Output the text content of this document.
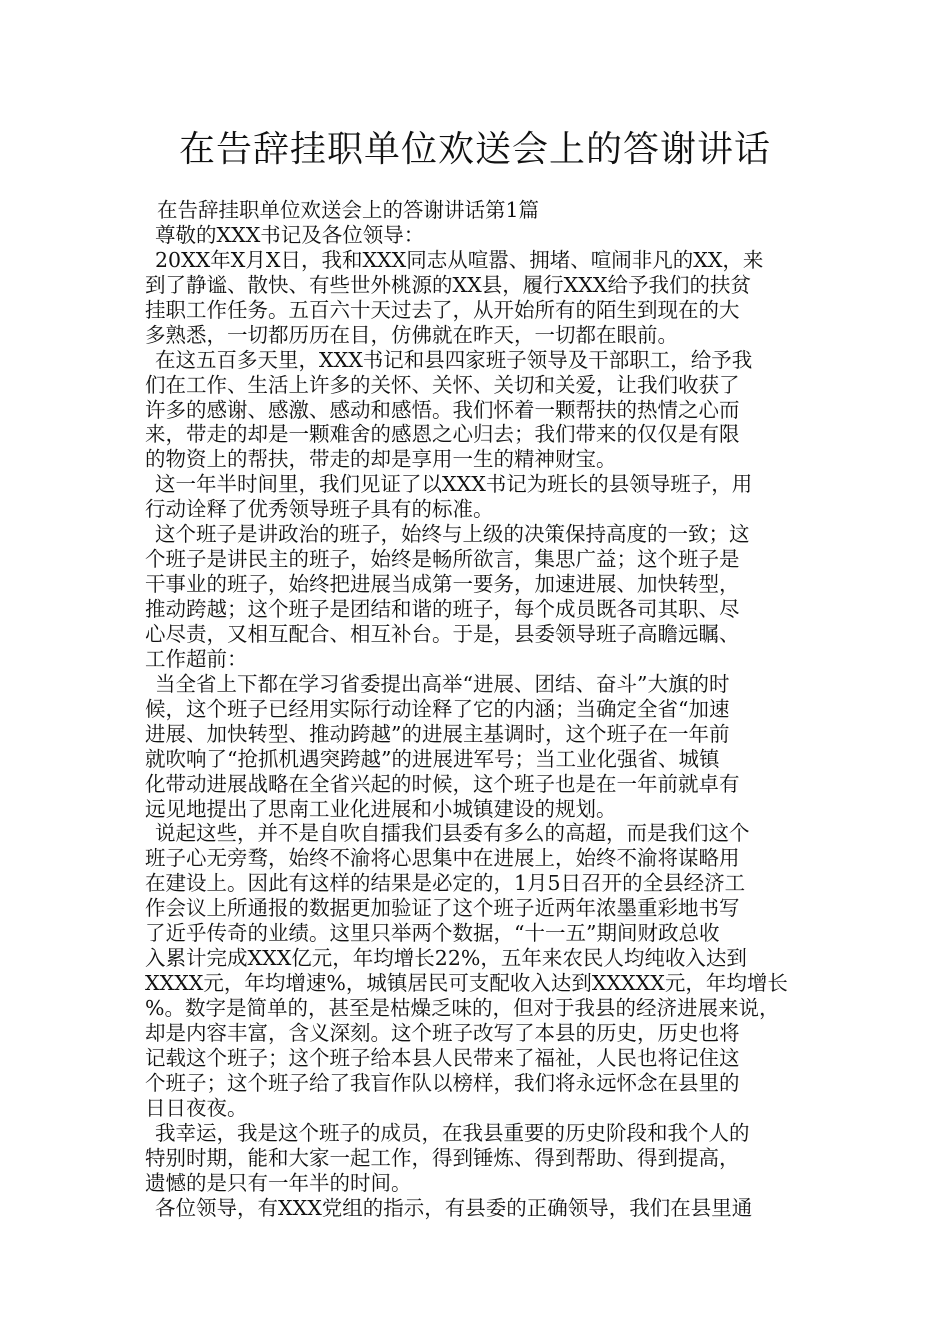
在告辞挂职单位欢送会上的答谢讲话
在告辞挂职单位欢送会上的答谢讲话第1篇
尊敬的XXX书记及各位领导：
20XX年X月X日，我和XXX同志从喧嚣、拥堵、喧闹非凡的XX，来
到了静谧、散快、有些世外桃源的XX县，履行XXX给予我们的扶贫
挂职工作任务。五百六十天过去了，从开始所有的陌生到现在的大
多熟悉，一切都历历在目，仿佛就在昨天，一切都在眼前。
在这五百多天里，XXX书记和县四家班子领导及干部职工，给予我
们在工作、生活上许多的关怀、关怀、关切和关爱，让我们收获了
许多的感谢、感激、感动和感悟。我们怀着一颗帮扶的热情之心而
来，带走的却是一颗难舍的感恩之心归去；我们带来的仅仅是有限
的物资上的帮扶，带走的却是享用一生的精神财宝。
这一年半时间里，我们见证了以XXX书记为班长的县领导班子，用
行动诠释了优秀领导班子具有的标准。
这个班子是讲政治的班子，始终与上级的决策保持高度的一致；这
个班子是讲民主的班子，始终是畅所欲言，集思广益；这个班子是
干事业的班子，始终把进展当成第一要务，加速进展、加快转型，
推动跨越；这个班子是团结和谐的班子，每个成员既各司其职、尽
心尽责，又相互配合、相互补台。于是，县委领导班子高瞻远瞩、
工作超前：
当全省上下都在学习省委提出高举“进展、团结、奋斗”大旗的时
候，这个班子已经用实际行动诠释了它的内涵；当确定全省“加速
进展、加快转型、推动跨越”的进展主基调时，这个班子在一年前
就吹响了“抢抓机遇突跨越”的进展进军号；当工业化强省、城镇
化带动进展战略在全省兴起的时候，这个班子也是在一年前就卓有
远见地提出了思南工业化进展和小城镇建设的规划。
说起这些，并不是自吹自擂我们县委有多么的高超，而是我们这个
班子心无旁骛，始终不渝将心思集中在进展上，始终不渝将谋略用
在建设上。因此有这样的结果是必定的，1月5日召开的全县经济工
作会议上所通报的数据更加验证了这个班子近两年浓墨重彩地书写
了近乎传奇的业绩。这里只举两个数据，“十一五”期间财政总收
入累计完成XXX亿元，年均增长22%，五年来农民人均纯收入达到
XXXX元，年均增速%，城镇居民可支配收入达到XXXXX元，年均增长
%。数字是简单的，甚至是枯燥乏味的，但对于我县的经济进展来说，
却是内容丰富，含义深刻。这个班子改写了本县的历史，历史也将
记载这个班子；这个班子给本县人民带来了福祉，人民也将记住这
个班子；这个班子给了我盲作队以榜样，我们将永远怀念在县里的
日日夜夜。
我幸运，我是这个班子的成员，在我县重要的历史阶段和我个人的
特别时期，能和大家一起工作，得到锤炼、得到帮助、得到提高，
遗憾的是只有一年半的时间。
各位领导，有XXX党组的指示，有县委的正确领导，我们在县里通
